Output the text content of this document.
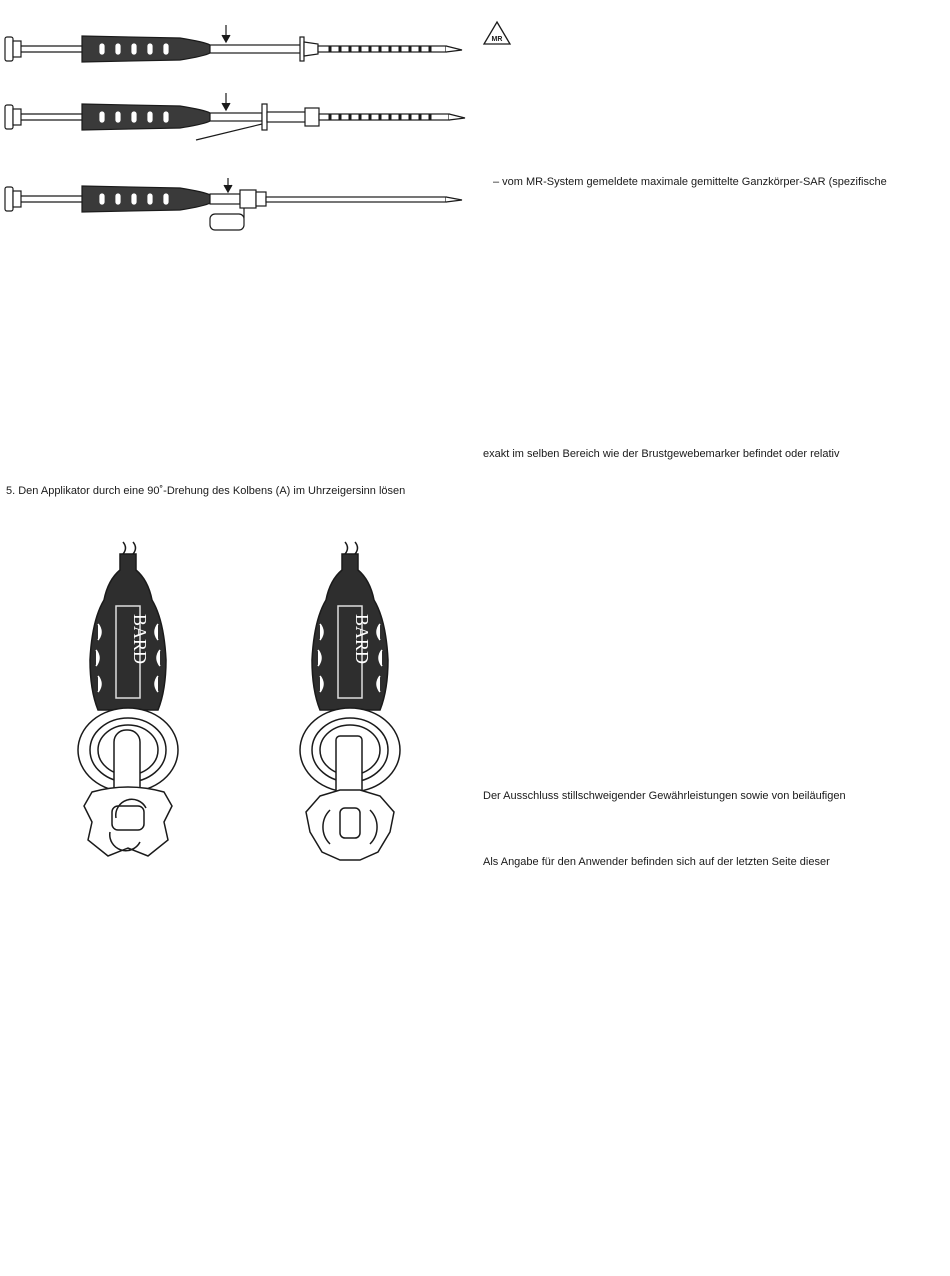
MR
– vom MR-System gemeldete maximale gemittelte Ganzkörper-SAR (spezifische
exakt im selben Bereich wie der Brustgewebemarker befindet oder relativ
Der Ausschluss stillschweigender Gewährleistungen sowie von beiläufigen
Als Angabe für den Anwender befinden sich auf der letzten Seite dieser
5. Den Applikator durch eine 90˚-Drehung des Kolbens (A) im Uhrzeigersinn lösen
BARD	BARD
